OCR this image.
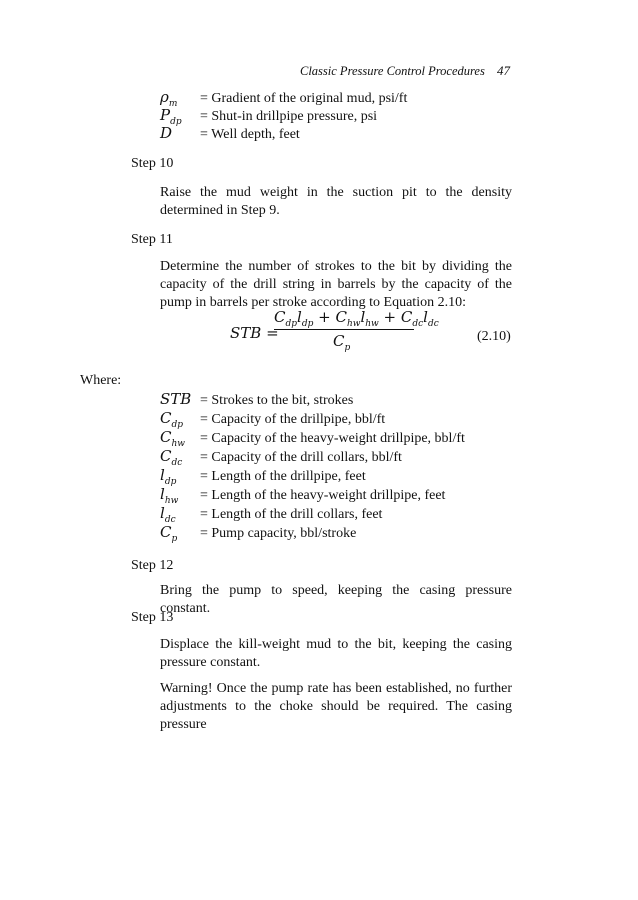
Classic Pressure Control Procedures 47
$\rho_m$	= Gradient of the original mud, psi/ft
$P_{dp}$	= Shut-in drillpipe pressure, psi
D	= Well depth, feet
Step 10
Raise the mud weight in the suction pit to the density determined in Step 9.
Step 11
Determine the number of strokes to the bit by dividing the capacity of the drill string in barrels by the capacity of the pump in barrels per stroke according to Equation 2.10:
STB =
$C_{dp}l_{dp} + C_{hw}l_{hw} + C_{dc}l_{dc}$
$C_p$
(2.10)
Where:
STB = Strokes to the bit, strokes
$C_{dp}$	= Capacity of the drillpipe, bbl/ft
$C_{hw}$	= Capacity of the heavy-weight drillpipe, bbl/ft
$C_{dc}$	= Capacity of the drill collars, bbl/ft
$l_{dp}$	= Length of the drillpipe, feet
$l_{hw}$	= Length of the heavy-weight drillpipe, feet
$l_{dc}$	= Length of the drill collars, feet
$C_p$	= Pump capacity, bbl/stroke
Step 12
Bring the pump to speed, keeping the casing pressure constant.
Step 13
Displace the kill-weight mud to the bit, keeping the casing pressure constant.
Warning! Once the pump rate has been established, no further adjustments to the choke should be required. The casing pressure
